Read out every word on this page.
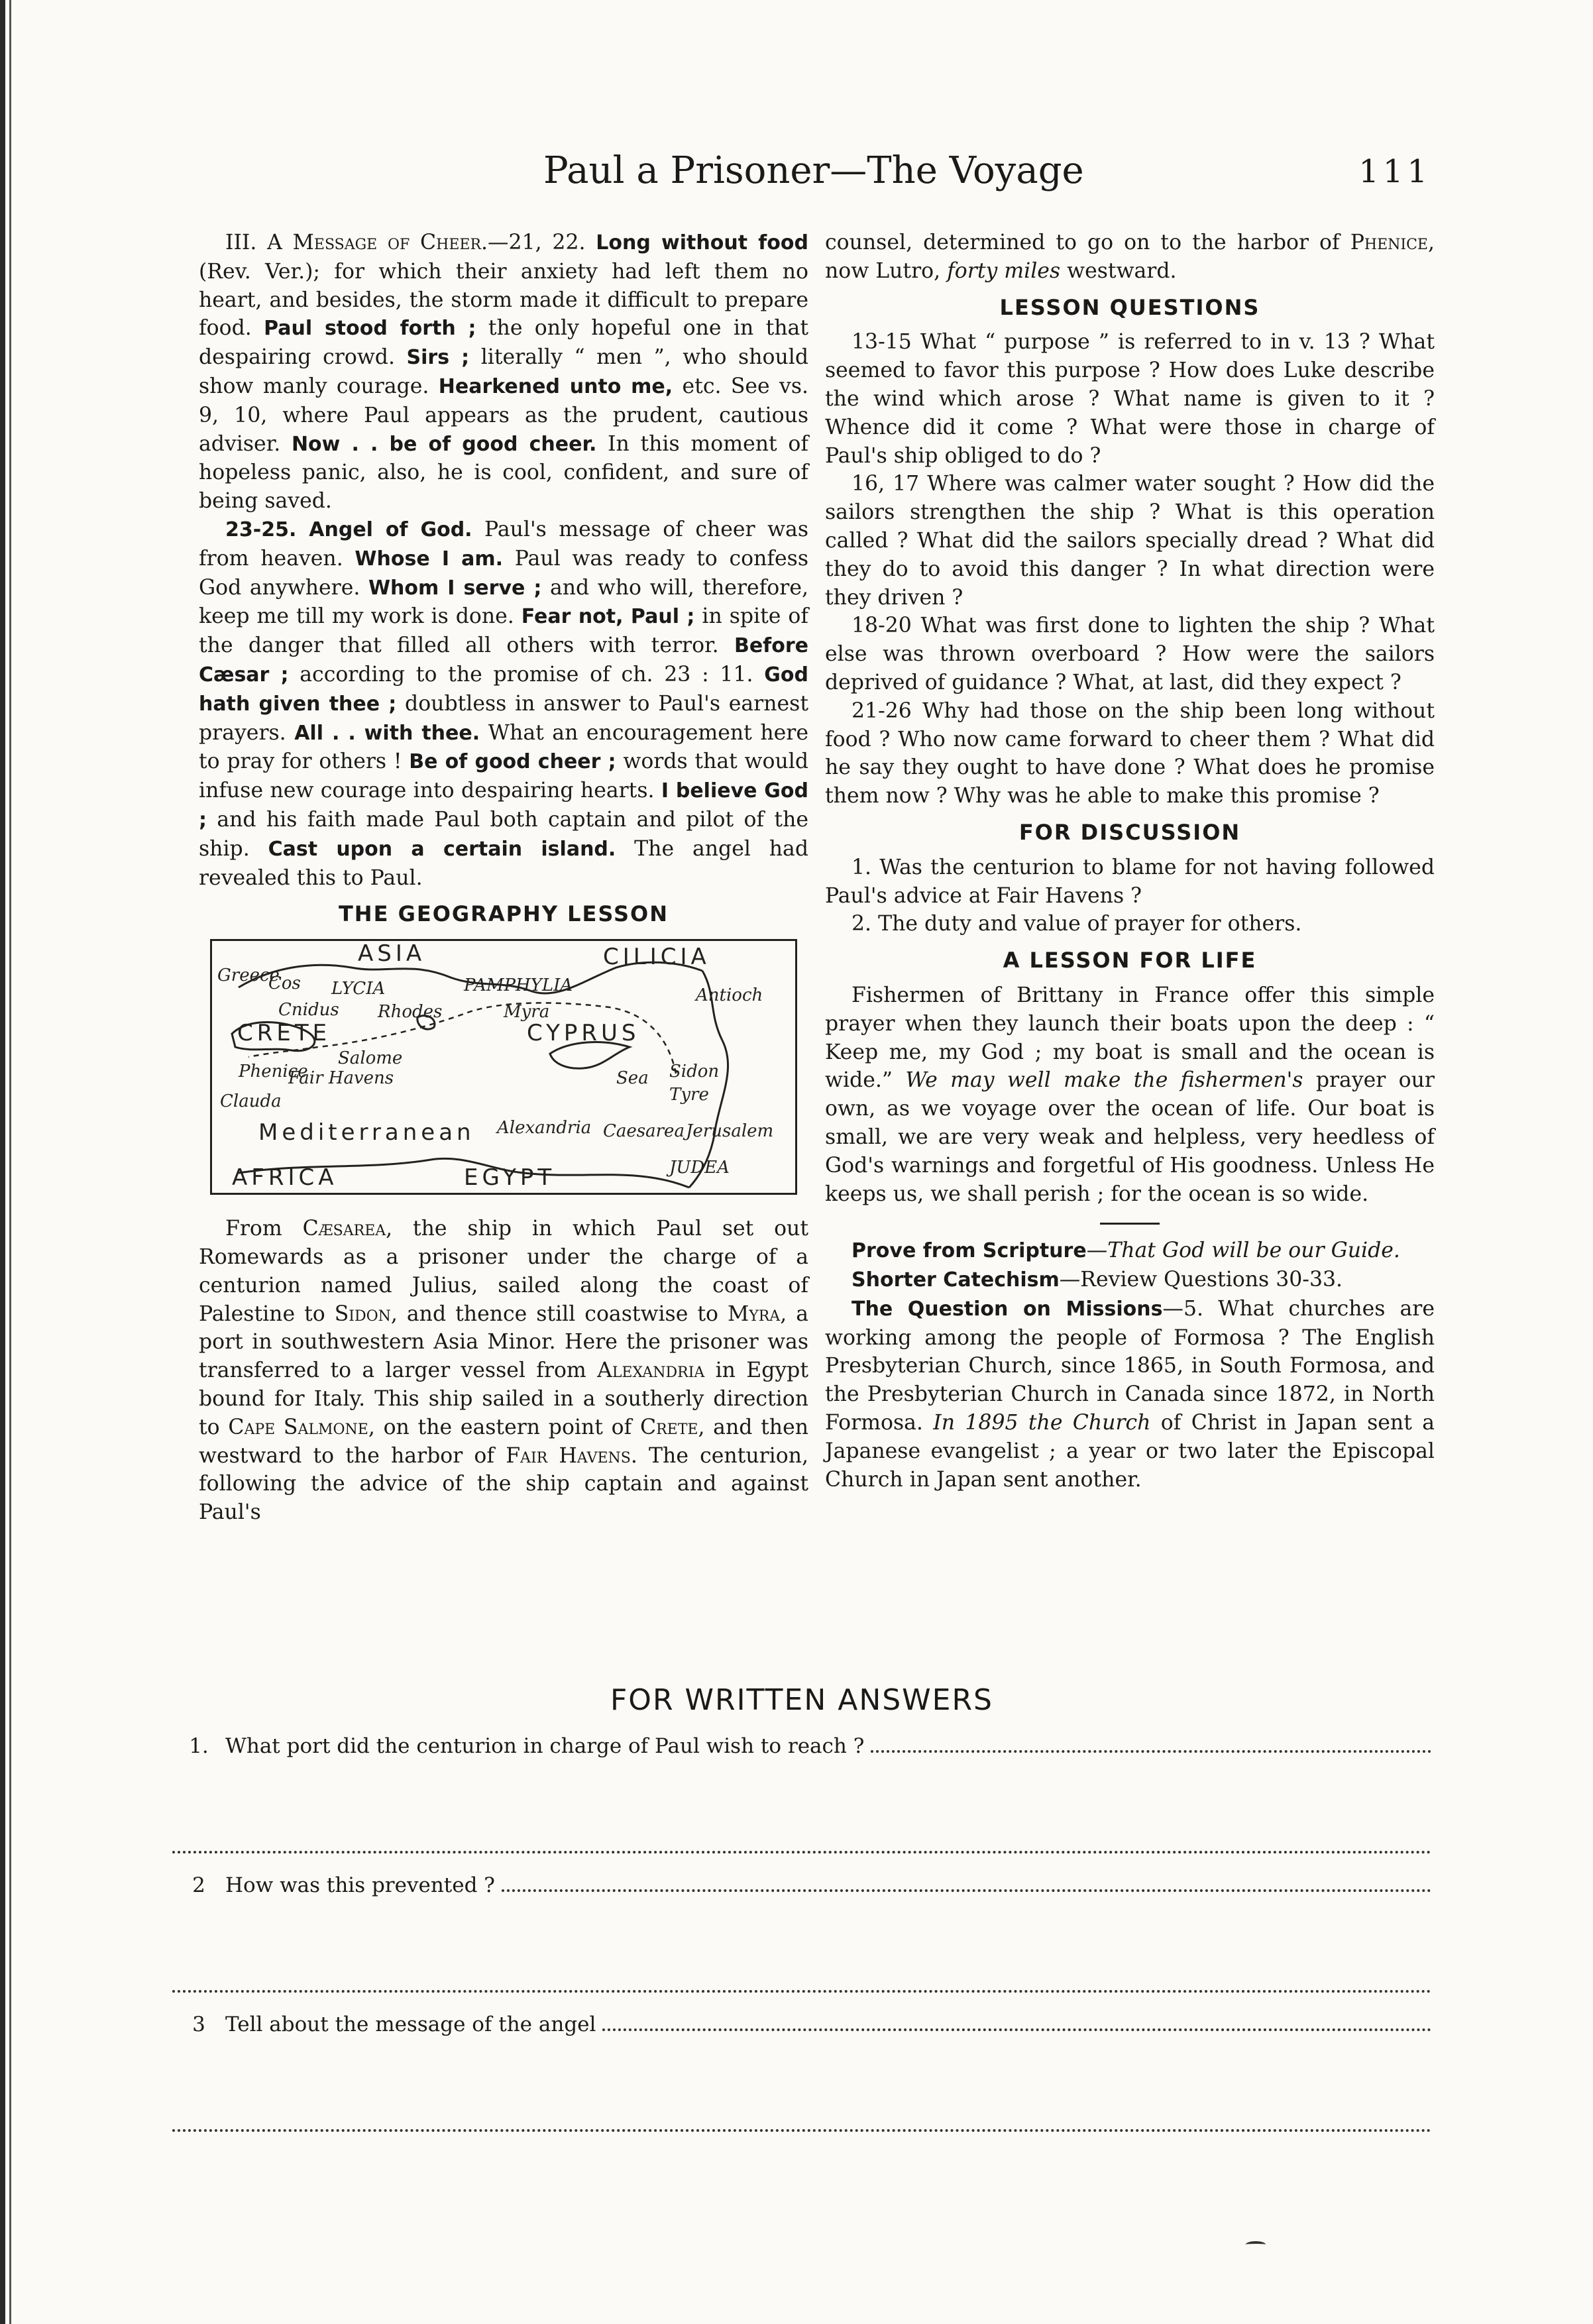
Paul a Prisoner—The Voyage	111

III. A Message of Cheer.—21, 22. Long without food (Rev. Ver.); for which their anxiety had left them no heart, and besides, the storm made it difficult to prepare food. Paul stood forth ; the only hopeful one in that despairing crowd. Sirs ; literally “ men ”, who should show manly courage. Hearkened unto me, etc. See vs. 9, 10, where Paul appears as the prudent, cautious adviser. Now . . be of good cheer. In this moment of hopeless panic, also, he is cool, confident, and sure of being saved.

23-25. Angel of God. Paul's message of cheer was from heaven. Whose I am. Paul was ready to confess God anywhere. Whom I serve ; and who will, therefore, keep me till my work is done. Fear not, Paul ; in spite of the danger that filled all others with terror. Before Cæsar ; according to the promise of ch. 23 : 11. God hath given thee ; doubtless in answer to Paul's earnest prayers. All . . with thee. What an encouragement here to pray for others ! Be of good cheer ; words that would infuse new courage into despairing hearts. I believe God ; and his faith made Paul both captain and pilot of the ship. Cast upon a certain island. The angel had revealed this to Paul.

THE GEOGRAPHY LESSON
ASIA	CILICIA
LYCIA	PAMPHYLIA	Antioch
Greece
Cos
Cnidus
CRETE
Rhodes	Myra
Salome
CYPRUS
Sea Sidon
Tyre
Clauda
Phenice
Fair Havens
Mediterranean Alexandria Caesarea Jerusalem
JUDEA
AFRICA	EGYPT

From Cæsarea, the ship in which Paul set out Romewards as a prisoner under the charge of a centurion named Julius, sailed along the coast of Palestine to Sidon, and thence still coastwise to Myra, a port in southwestern Asia Minor. Here the prisoner was transferred to a larger vessel from Alexandria in Egypt bound for Italy. This ship sailed in a southerly direction to Cape Salmone, on the eastern point of Crete, and then westward to the harbor of Fair Havens. The centurion, following the advice of the ship captain and against Paul's

counsel, determined to go on to the harbor of Phenice, now Lutro, forty miles westward.

LESSON QUESTIONS

13-15 What “ purpose ” is referred to in v. 13 ? What seemed to favor this purpose ? How does Luke describe the wind which arose ? What name is given to it ? Whence did it come ? What were those in charge of Paul's ship obliged to do ?

16, 17 Where was calmer water sought ? How did the sailors strengthen the ship ? What is this operation called ? What did the sailors specially dread ? What did they do to avoid this danger ? In what direction were they driven ?

18-20 What was first done to lighten the ship ? What else was thrown overboard ? How were the sailors deprived of guidance ? What, at last, did they expect ?

21-26 Why had those on the ship been long without food ? Who now came forward to cheer them ? What did he say they ought to have done ? What does he promise them now ? Why was he able to make this promise ?

FOR DISCUSSION

1. Was the centurion to blame for not having followed Paul's advice at Fair Havens ?

2. The duty and value of prayer for others.

A LESSON FOR LIFE

Fishermen of Brittany in France offer this simple prayer when they launch their boats upon the deep : “ Keep me, my God ; my boat is small and the ocean is wide.” We may well make the fishermen's prayer our own, as we voyage over the ocean of life. Our boat is small, we are very weak and helpless, very heedless of God's warnings and forgetful of His goodness. Unless He keeps us, we shall perish ; for the ocean is so wide.

Prove from Scripture—That God will be our Guide.

Shorter Catechism—Review Questions 30-33.

The Question on Missions—5. What churches are working among the people of Formosa ? The English Presbyterian Church, since 1865, in South Formosa, and the Presbyterian Church in Canada since 1872, in North Formosa. In 1895 the Church of Christ in Japan sent a Japanese evangelist ; a year or two later the Episcopal Church in Japan sent another.

FOR WRITTEN ANSWERS
1. What port did the centurion in charge of Paul wish to reach ?
2 How was this prevented ?
3 Tell about the message of the angel
